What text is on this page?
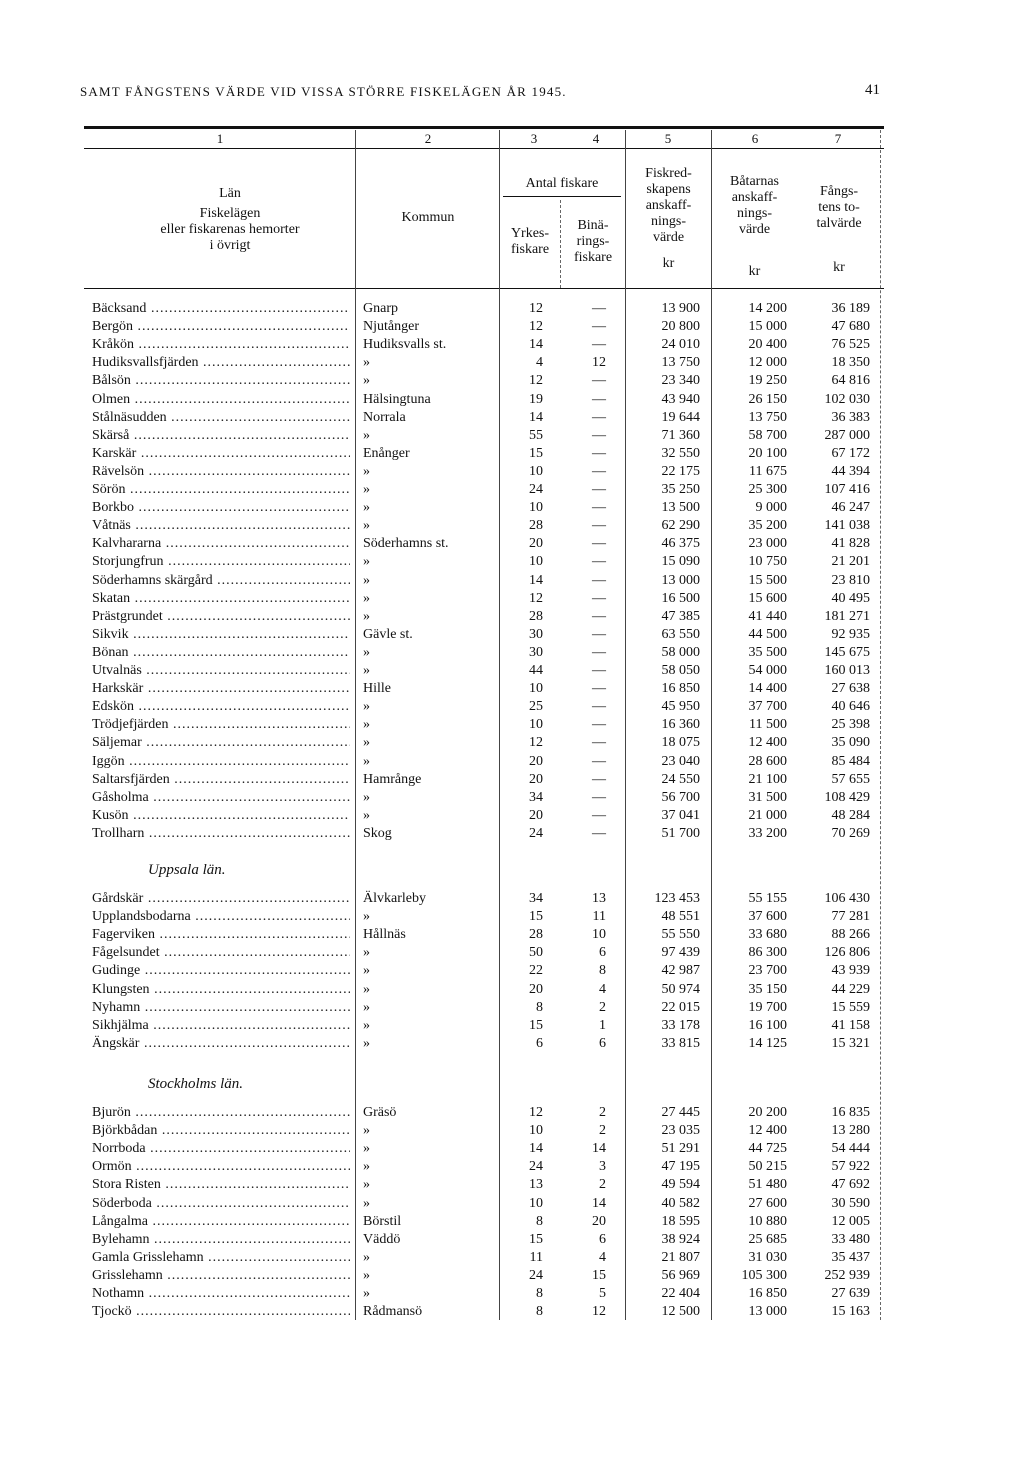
SAMT FÅNGSTENS VÄRDE VID VISSA STÖRRE FISKELÄGEN ÅR 1945.	41
1	2	3	4	5	6	7
Län
Fiskelägen
eller fiskarenas hemorter
i övrigt
Kommun
Antal fiskare
Yrkes-
fiskare
Binä-
rings-
fiskare
Fiskred-
skapens
anskaff-
nings-
värde
kr
Båtarnas
anskaff-
nings-
värde
kr
Fångs-
tens to-
talvärde
kr
Bäcksand .....	Gnarp	12	—	13 900	14 200	36 189
Bergön .....	Njutånger	12	—	20 800	15 000	47 680
Kråkön .....	Hudiksvalls st.	14	—	24 010	20 400	76 525
Hudiksvallsfjärden .....	»	4	12	13 750	12 000	18 350
Bålsön .....	»	12	—	23 340	19 250	64 816
Olmen .....	Hälsingtuna	19	—	43 940	26 150	102 030
Stålnäsudden .....	Norrala	14	—	19 644	13 750	36 383
Skärså .....	»	55	—	71 360	58 700	287 000
Karskär .....	Enånger	15	—	32 550	20 100	67 172
Rävelsön .....	»	10	—	22 175	11 675	44 394
Sörön .....	»	24	—	35 250	25 300	107 416
Borkbo .....	»	10	—	13 500	9 000	46 247
Våtnäs .....	»	28	—	62 290	35 200	141 038
Kalvhararna .....	Söderhamns st.	20	—	46 375	23 000	41 828
Storjungfrun .....	»	10	—	15 090	10 750	21 201
Söderhamns skärgård .....	»	14	—	13 000	15 500	23 810
Skatan .....	»	12	—	16 500	15 600	40 495
Prästgrundet .....	»	28	—	47 385	41 440	181 271
Sikvik .....	Gävle st.	30	—	63 550	44 500	92 935
Bönan .....	»	30	—	58 000	35 500	145 675
Utvalnäs .....	»	44	—	58 050	54 000	160 013
Harkskär .....	Hille	10	—	16 850	14 400	27 638
Edskön .....	»	25	—	45 950	37 700	40 646
Trödjefjärden .....	»	10	—	16 360	11 500	25 398
Säljemar .....	»	12	—	18 075	12 400	35 090
Iggön .....	»	20	—	23 040	28 600	85 484
Saltarsfjärden .....	Hamrånge	20	—	24 550	21 100	57 655
Gåsholma .....	»	34	—	56 700	31 500	108 429
Kusön .....	»	20	—	37 041	21 000	48 284
Trollharn .....	Skog	24	—	51 700	33 200	70 269
Uppsala län.
Gårdskär .....	Älvkarleby	34	13	123 453	55 155	106 430
Upplandsbodarna .....	»	15	11	48 551	37 600	77 281
Fagerviken .....	Hållnäs	28	10	55 550	33 680	88 266
Fågelsundet .....	»	50	6	97 439	86 300	126 806
Gudinge .....	»	22	8	42 987	23 700	43 939
Klungsten .....	»	20	4	50 974	35 150	44 229
Nyhamn .....	»	8	2	22 015	19 700	15 559
Sikhjälma .....	»	15	1	33 178	16 100	41 158
Ängskär .....	»	6	6	33 815	14 125	15 321
Stockholms län.
Bjurön .....	Gräsö	12	2	27 445	20 200	16 835
Björkbådan .....	»	10	2	23 035	12 400	13 280
Norrboda .....	»	14	14	51 291	44 725	54 444
Ormön .....	»	24	3	47 195	50 215	57 922
Stora Risten .....	»	13	2	49 594	51 480	47 692
Söderboda .....	»	10	14	40 582	27 600	30 590
Långalma .....	Börstil	8	20	18 595	10 880	12 005
Bylehamn .....	Väddö	15	6	38 924	25 685	33 480
Gamla Grisslehamn .....	»	11	4	21 807	31 030	35 437
Grisslehamn .....	»	24	15	56 969	105 300	252 939
Nothamn .....	»	8	5	22 404	16 850	27 639
Tjockö .....	Rådmansö	8	12	12 500	13 000	15 163
